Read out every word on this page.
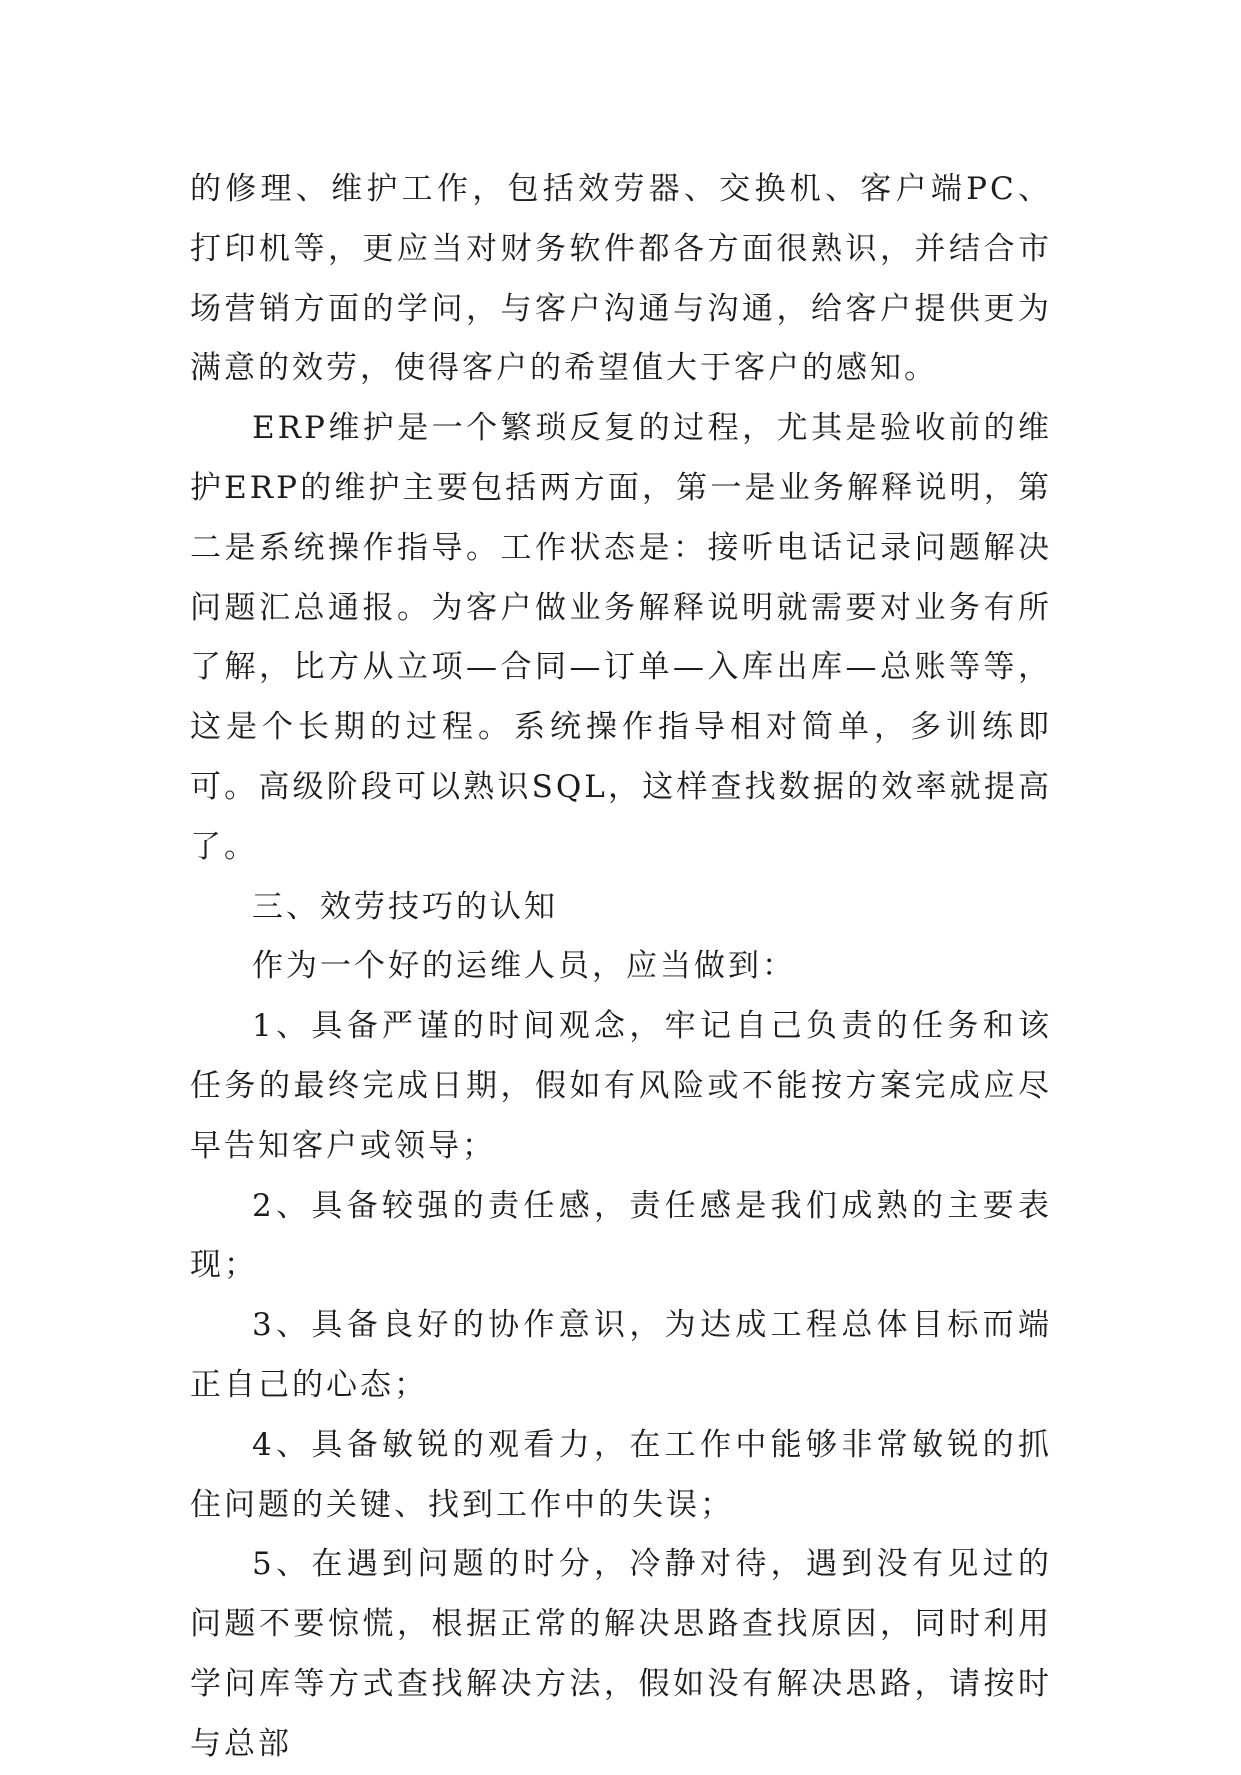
的修理、维护工作，包括效劳器、交换机、客户端PC、打印机等，更应当对财务软件都各方面很熟识，并结合市场营销方面的学问，与客户沟通与沟通，给客户提供更为满意的效劳，使得客户的希望值大于客户的感知。

ERP维护是一个繁琐反复的过程，尤其是验收前的维护ERP的维护主要包括两方面，第一是业务解释说明，第二是系统操作指导。工作状态是：接听电话记录问题解决问题汇总通报。为客户做业务解释说明就需要对业务有所了解，比方从立项—合同—订单—入库出库—总账等等，这是个长期的过程。系统操作指导相对简单，多训练即可。高级阶段可以熟识SQL，这样查找数据的效率就提高了。

三、效劳技巧的认知

作为一个好的运维人员，应当做到：

1、具备严谨的时间观念，牢记自己负责的任务和该任务的最终完成日期，假如有风险或不能按方案完成应尽早告知客户或领导；

2、具备较强的责任感，责任感是我们成熟的主要表现；

3、具备良好的协作意识，为达成工程总体目标而端正自己的心态；

4、具备敏锐的观看力，在工作中能够非常敏锐的抓住问题的关键、找到工作中的失误；

5、在遇到问题的时分，冷静对待，遇到没有见过的问题不要惊慌，根据正常的解决思路查找原因，同时利用学问库等方式查找解决方法，假如没有解决思路，请按时与总部
